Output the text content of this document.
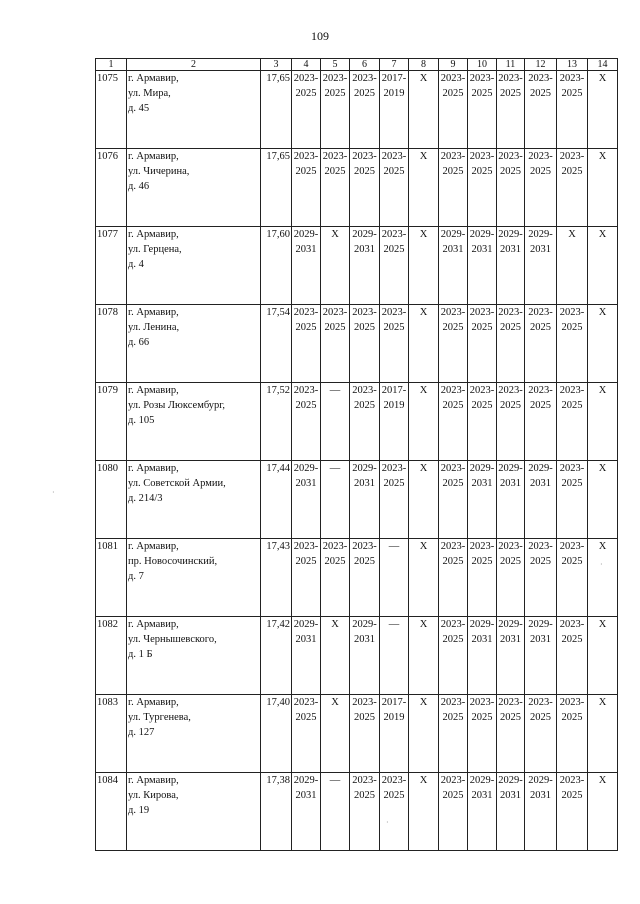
109
1	2	3	4	5	6	7	8	9	10	11	12	13	14
1075	г. Армавир,
ул. Мира,
д. 45	17,65	2023-
2025	2023-
2025	2023-
2025	2017-
2019	Х	2023-
2025	2023-
2025	2023-
2025	2023-
2025	2023-
2025	Х
1076	г. Армавир,
ул. Чичерина,
д. 46	17,65	2023-
2025	2023-
2025	2023-
2025	2023-
2025	Х	2023-
2025	2023-
2025	2023-
2025	2023-
2025	2023-
2025	Х
1077	г. Армавир,
ул. Герцена,
д. 4	17,60	2029-
2031	Х	2029-
2031	2023-
2025	Х	2029-
2031	2029-
2031	2029-
2031	2029-
2031	Х	Х
1078	г. Армавир,
ул. Ленина,
д. 66	17,54	2023-
2025	2023-
2025	2023-
2025	2023-
2025	Х	2023-
2025	2023-
2025	2023-
2025	2023-
2025	2023-
2025	Х
1079	г. Армавир,
ул. Розы Люксембург,
д. 105	17,52	2023-
2025	—	2023-
2025	2017-
2019	Х	2023-
2025	2023-
2025	2023-
2025	2023-
2025	2023-
2025	Х
1080	г. Армавир,
ул. Советской Армии,
д. 214/3	17,44	2029-
2031	—	2029-
2031	2023-
2025	Х	2023-
2025	2029-
2031	2029-
2031	2029-
2031	2023-
2025	Х
1081	г. Армавир,
пр. Новосочинский,
д. 7	17,43	2023-
2025	2023-
2025	2023-
2025	—	Х	2023-
2025	2023-
2025	2023-
2025	2023-
2025	2023-
2025	Х
1082	г. Армавир,
ул. Чернышевского,
д. 1 Б	17,42	2029-
2031	Х	2029-
2031	—	Х	2023-
2025	2029-
2031	2029-
2031	2029-
2031	2023-
2025	Х
1083	г. Армавир,
ул. Тургенева,
д. 127	17,40	2023-
2025	Х	2023-
2025	2017-
2019	Х	2023-
2025	2023-
2025	2023-
2025	2023-
2025	2023-
2025	Х
1084	г. Армавир,
ул. Кирова,
д. 19	17,38	2029-
2031	—	2023-
2025	2023-
2025	Х	2023-
2025	2029-
2031	2029-
2031	2029-
2031	2023-
2025	Х
·
·
·
